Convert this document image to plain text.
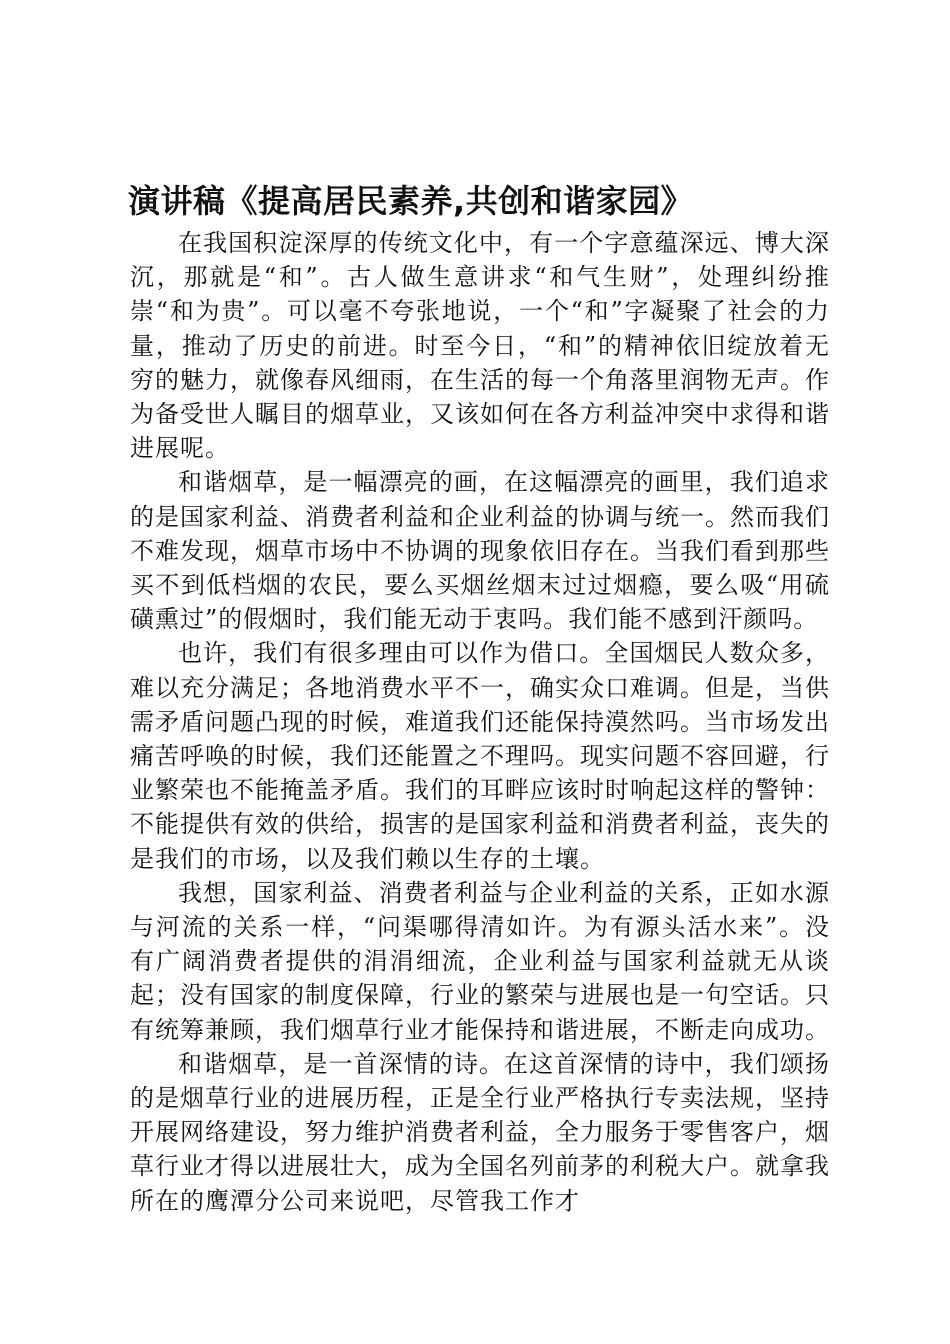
演讲稿《提高居民素养,共创和谐家园》

在我国积淀深厚的传统文化中，有一个字意蕴深远、博大深沉，那就是“和”。古人做生意讲求“和气生财”，处理纠纷推崇“和为贵”。可以毫不夸张地说，一个“和”字凝聚了社会的力量，推动了历史的前进。时至今日，“和”的精神依旧绽放着无穷的魅力，就像春风细雨，在生活的每一个角落里润物无声。作为备受世人瞩目的烟草业，又该如何在各方利益冲突中求得和谐进展呢。

和谐烟草，是一幅漂亮的画，在这幅漂亮的画里，我们追求的是国家利益、消费者利益和企业利益的协调与统一。然而我们不难发现，烟草市场中不协调的现象依旧存在。当我们看到那些买不到低档烟的农民，要么买烟丝烟末过过烟瘾，要么吸“用硫磺熏过”的假烟时，我们能无动于衷吗。我们能不感到汗颜吗。

也许，我们有很多理由可以作为借口。全国烟民人数众多，难以充分满足；各地消费水平不一，确实众口难调。但是，当供需矛盾问题凸现的时候，难道我们还能保持漠然吗。当市场发出痛苦呼唤的时候，我们还能置之不理吗。现实问题不容回避，行业繁荣也不能掩盖矛盾。我们的耳畔应该时时响起这样的警钟：不能提供有效的供给，损害的是国家利益和消费者利益，丧失的是我们的市场，以及我们赖以生存的土壤。

我想，国家利益、消费者利益与企业利益的关系，正如水源与河流的关系一样，“问渠哪得清如许。为有源头活水来”。没有广阔消费者提供的涓涓细流，企业利益与国家利益就无从谈起；没有国家的制度保障，行业的繁荣与进展也是一句空话。只有统筹兼顾，我们烟草行业才能保持和谐进展，不断走向成功。

和谐烟草，是一首深情的诗。在这首深情的诗中，我们颂扬的是烟草行业的进展历程，正是全行业严格执行专卖法规，坚持开展网络建设，努力维护消费者利益，全力服务于零售客户，烟草行业才得以进展壮大，成为全国名列前茅的利税大户。就拿我所在的鹰潭分公司来说吧，尽管我工作才
